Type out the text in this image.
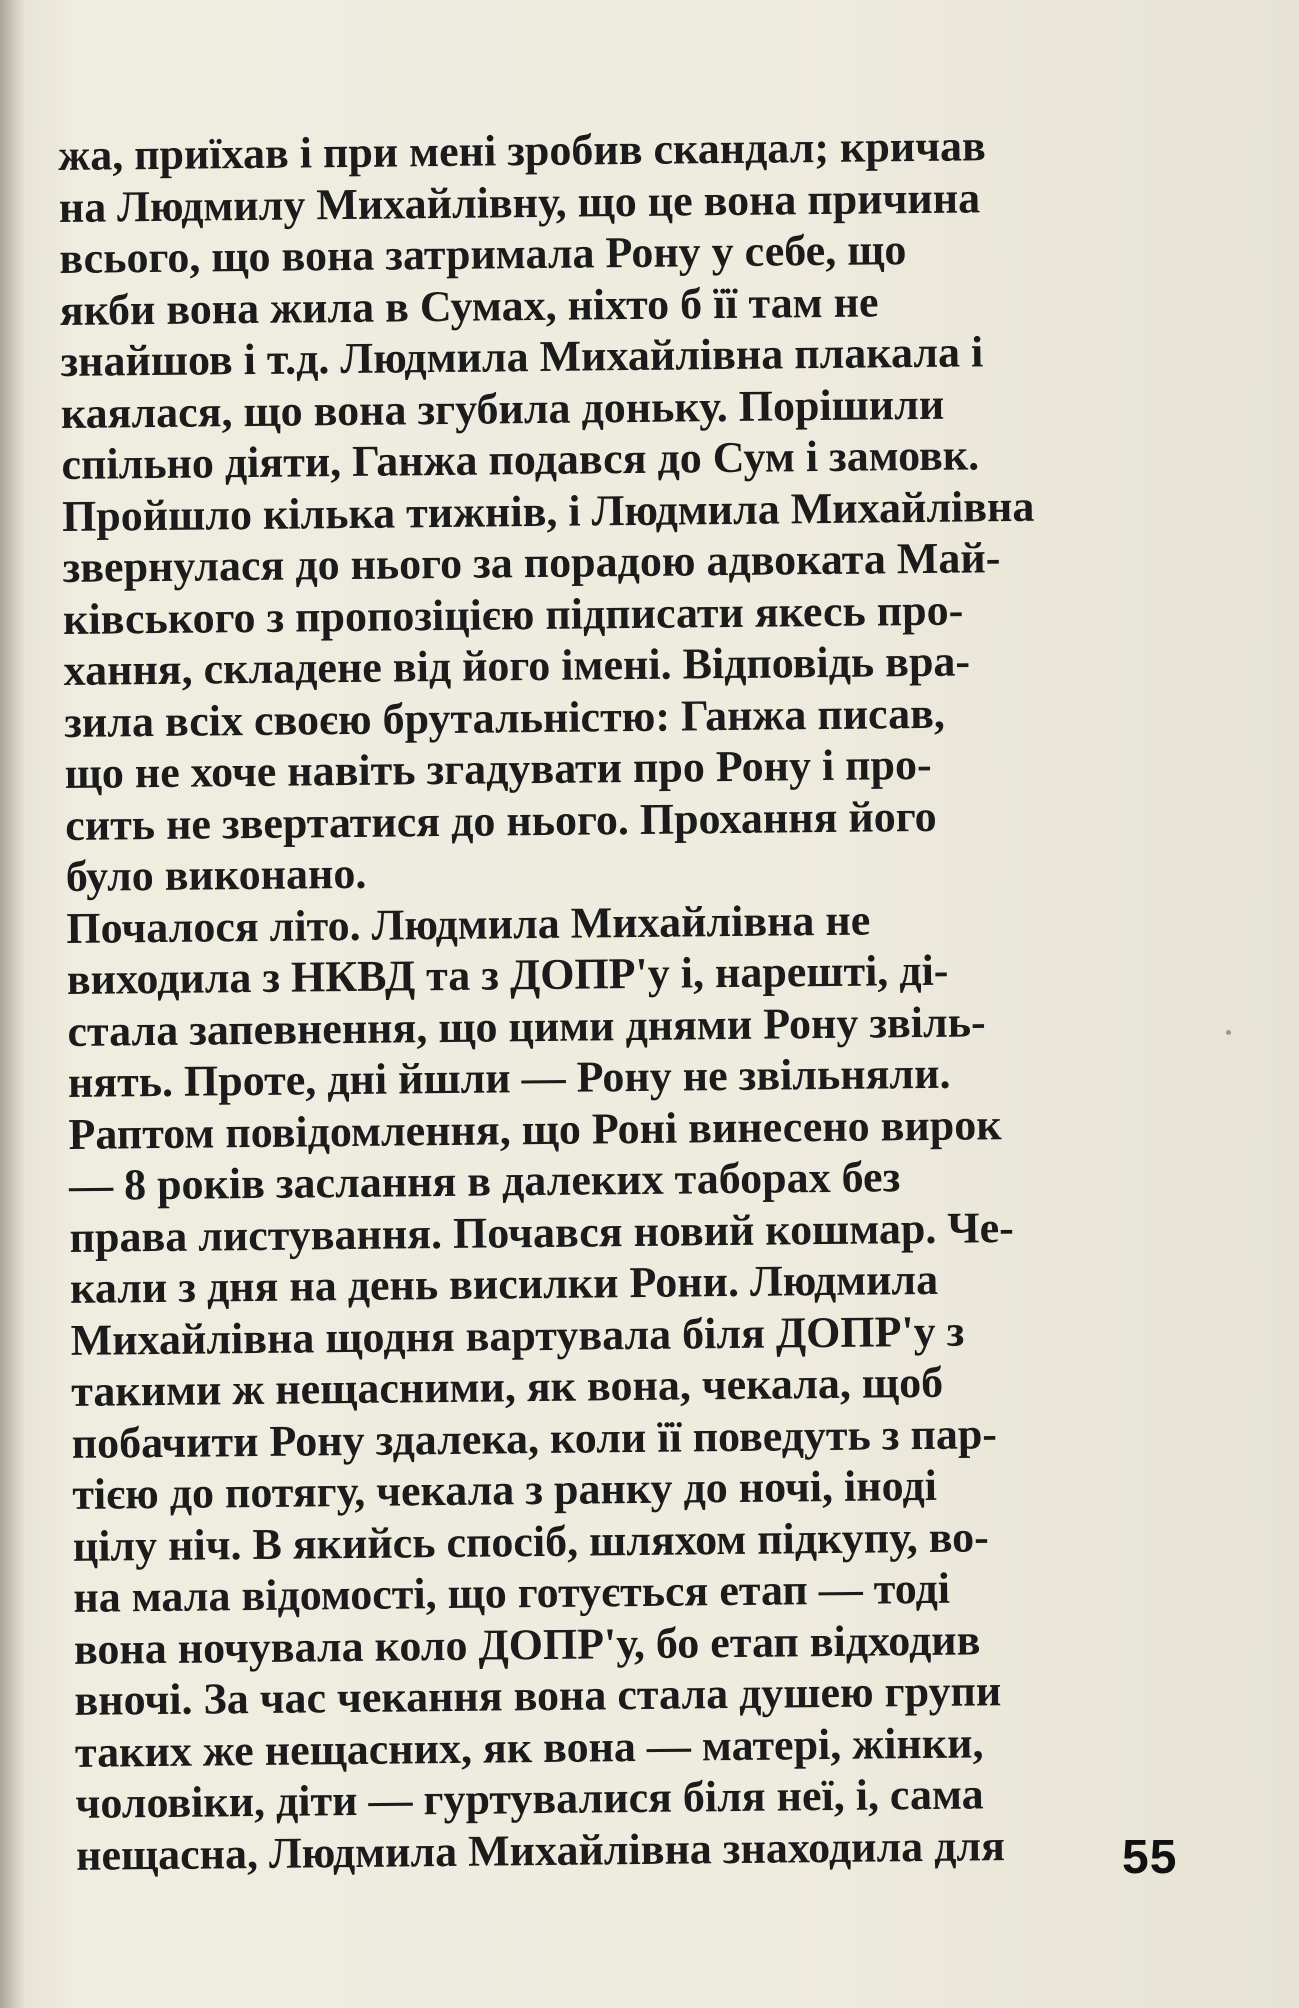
жа, приїхав і при мені зробив скандал; кричав
на Людмилу Михайлівну, що це вона причина
всього, що вона затримала Рону у себе, що
якби вона жила в Сумах, ніхто б її там не
знайшов і т.д. Людмила Михайлівна плакала і
каялася, що вона згубила доньку. Порішили
спільно діяти, Ганжа подався до Сум і замовк.
Пройшло кілька тижнів, і Людмила Михайлівна
звернулася до нього за порадою адвоката Май-
ківського з пропозіцією підписати якесь про-
хання, складене від його імені. Відповідь вра-
зила всіх своєю брутальністю: Ганжа писав,
що не хоче навіть згадувати про Рону і про-
сить не звертатися до нього. Прохання його
було виконано.

Почалося літо. Людмила Михайлівна не
виходила з НКВД та з ДОПР'у і, нарешті, ді-
стала запевнення, що цими днями Рону звіль-
нять. Проте, дні йшли — Рону не звільняли.
Раптом повідомлення, що Роні винесено вирок
— 8 років заслання в далеких таборах без
права листування. Почався новий кошмар. Че-
кали з дня на день висилки Рони. Людмила
Михайлівна щодня вартувала біля ДОПР'у з
такими ж нещасними, як вона, чекала, щоб
побачити Рону здалека, коли її поведуть з пар-
тією до потягу, чекала з ранку до ночі, іноді
цілу ніч. В якийсь спосіб, шляхом підкупу, во-
на мала відомості, що готується етап — тоді
вона ночувала коло ДОПР'у, бо етап відходив
вночі. За час чекання вона стала душею групи
таких же нещасних, як вона — матері, жінки,
чоловіки, діти — гуртувалися біля неї, і, сама
нещасна, Людмила Михайлівна знаходила для	55
